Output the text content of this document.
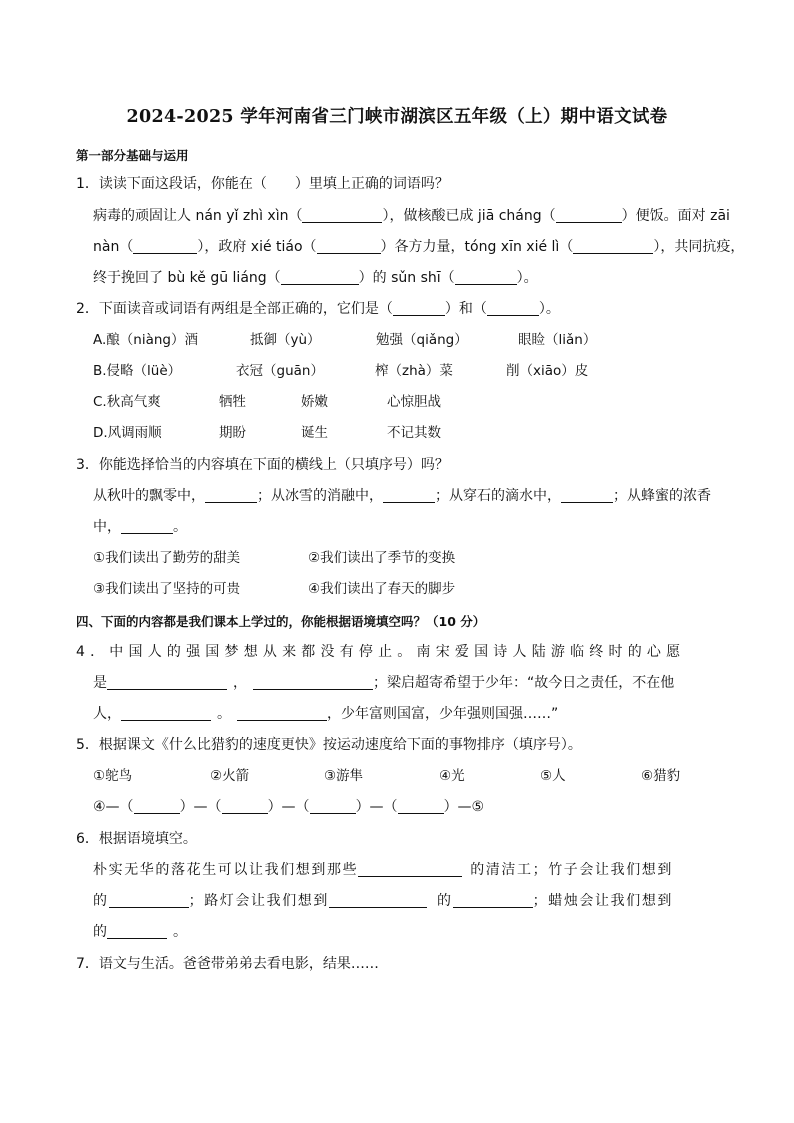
2024-2025 学年河南省三门峡市湖滨区五年级（上）期中语文试卷
第一部分基础与运用
1．读读下面这段话，你能在（　　）里填上正确的词语吗？
病毒的顽固让人 nán yǐ zhì xìn（	），做核酸已成 jiā cháng（	）便饭。面对 zāi
nàn（	），政府 xié tiáo（	）各方力量，tóng xīn xié lì（	），共同抗疫，
终于挽回了 bù kě gū liáng（	）的 sǔn shī（	）。
2．下面读音或词语有两组是全部正确的，它们是（	）和（	）。
A.酿（niàng）酒	抵御（yù）	勉强（qiǎng）	眼睑（liǎn）
B.侵略（lüè）	衣冠（guān）	榨（zhà）菜	削（xiāo）皮
C.秋高气爽	牺牲	娇嫩	心惊胆战
D.风调雨顺	期盼	诞生	不记其数
3．你能选择恰当的内容填在下面的横线上（只填序号）吗？
从秋叶的飘零中，	；从冰雪的消融中，	；从穿石的滴水中，	；从蜂蜜的浓香
中，	。
①我们读出了勤劳的甜美	②我们读出了季节的变换
③我们读出了坚持的可贵	④我们读出了春天的脚步
四、下面的内容都是我们课本上学过的，你能根据语境填空吗？（10 分）
4．中国人的强国梦想从来都没有停止。南宋爱国诗人陆游临终时的心愿
是	，	；梁启超寄希望于少年：“故今日之责任，不在他
人，	。	，少年富则国富，少年强则国强……”
5．根据课文《什么比猎豹的速度更快》按运动速度给下面的事物排序（填序号）。
①鸵鸟	②火箭	③游隼	④光	⑤人	⑥猎豹
④—（	）—（	）—（	）—（	）—⑤
6．根据语境填空。
朴实无华的落花生可以让我们想到那些	的清洁工；竹子会让我们想到
的	；路灯会让我们想到	的	；蜡烛会让我们想到
的	。
7．语文与生活。爸爸带弟弟去看电影，结果……
